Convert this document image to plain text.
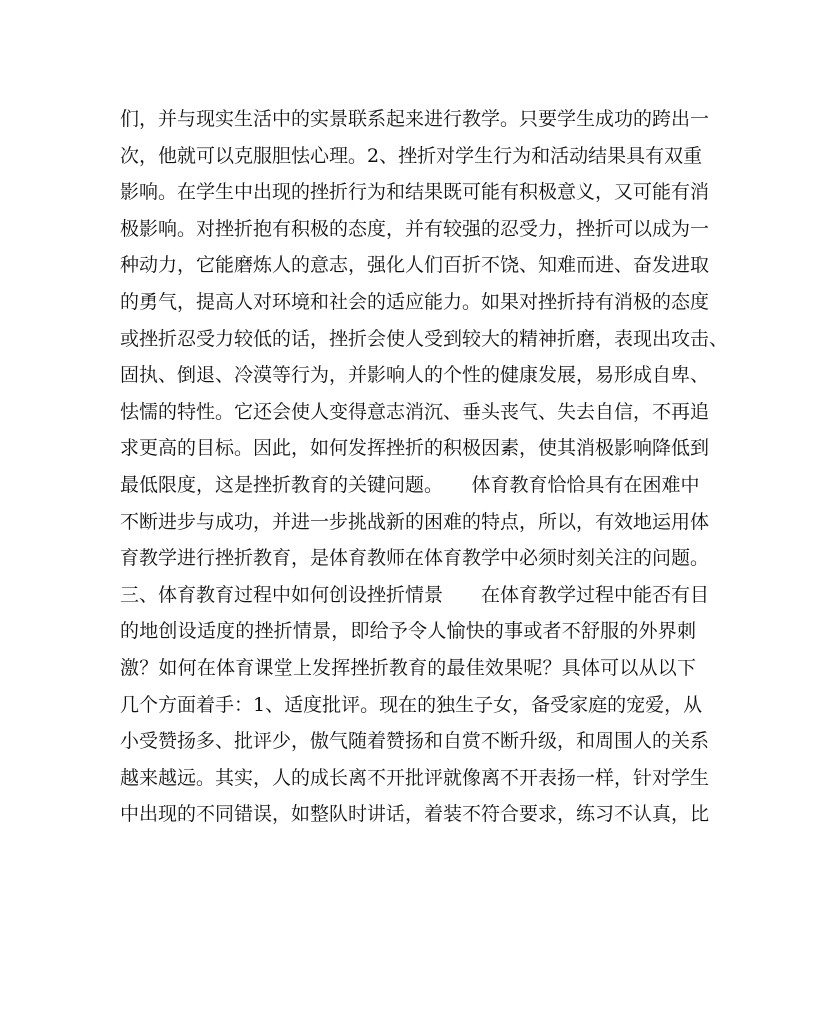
们，并与现实生活中的实景联系起来进行教学。只要学生成功的跨出一
次，他就可以克服胆怯心理。2、挫折对学生行为和活动结果具有双重
影响。在学生中出现的挫折行为和结果既可能有积极意义，又可能有消
极影响。对挫折抱有积极的态度，并有较强的忍受力，挫折可以成为一
种动力，它能磨炼人的意志，强化人们百折不饶、知难而进、奋发进取
的勇气，提高人对环境和社会的适应能力。如果对挫折持有消极的态度
或挫折忍受力较低的话，挫折会使人受到较大的精神折磨，表现出攻击、
固执、倒退、冷漠等行为，并影响人的个性的健康发展，易形成自卑、
怯懦的特性。它还会使人变得意志消沉、垂头丧气、失去自信，不再追
求更高的目标。因此，如何发挥挫折的积极因素，使其消极影响降低到
最低限度，这是挫折教育的关键问题。　　体育教育恰恰具有在困难中
不断进步与成功，并进一步挑战新的困难的特点，所以，有效地运用体
育教学进行挫折教育，是体育教师在体育教学中必须时刻关注的问题。
三、体育教育过程中如何创设挫折情景　　在体育教学过程中能否有目
的地创设适度的挫折情景，即给予令人愉快的事或者不舒服的外界刺
激？如何在体育课堂上发挥挫折教育的最佳效果呢？具体可以从以下
几个方面着手：1、适度批评。现在的独生子女，备受家庭的宠爱，从
小受赞扬多、批评少，傲气随着赞扬和自赏不断升级，和周围人的关系
越来越远。其实，人的成长离不开批评就像离不开表扬一样，针对学生
中出现的不同错误，如整队时讲话，着装不符合要求，练习不认真，比
